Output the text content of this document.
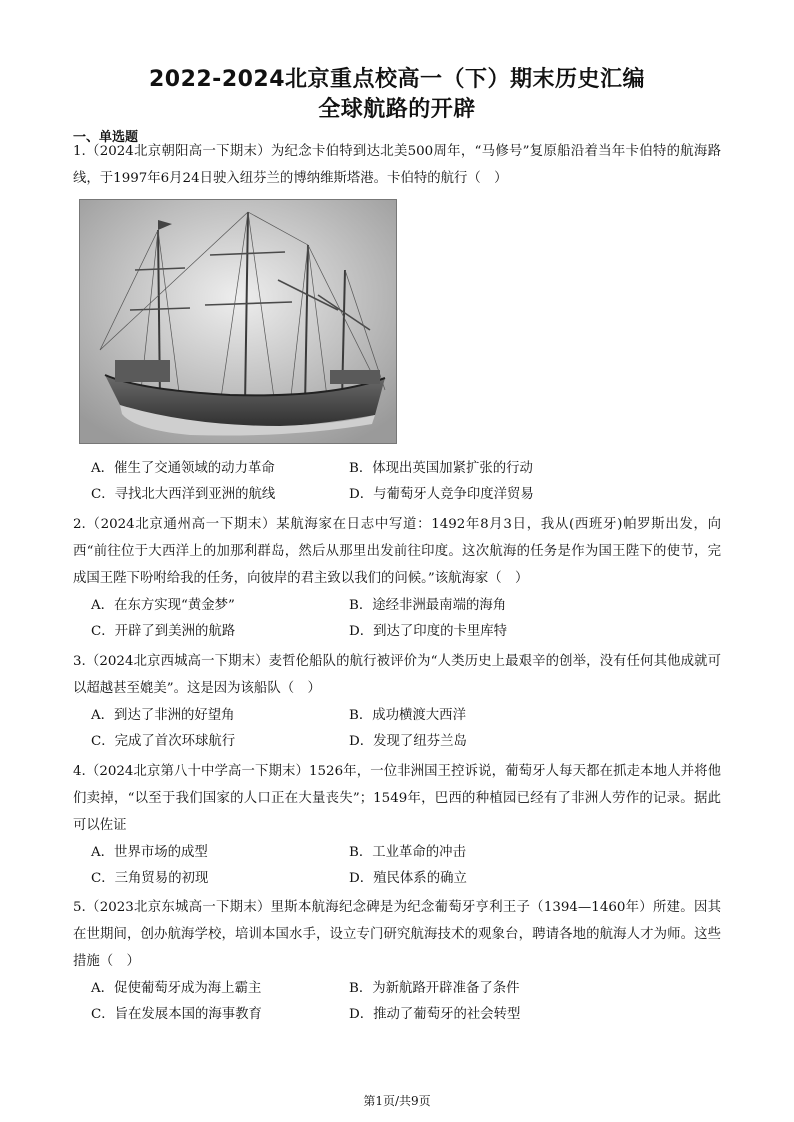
2022-2024北京重点校高一（下）期末历史汇编
全球航路的开辟
一、单选题
1.（2024北京朝阳高一下期末）为纪念卡伯特到达北美500周年，“马修号”复原船沿着当年卡伯特的航海路线，于1997年6月24日驶入纽芬兰的博纳维斯塔港。卡伯特的航行（　）
A．催生了交通领域的动力革命	B．体现出英国加紧扩张的行动
C．寻找北大西洋到亚洲的航线	D．与葡萄牙人竞争印度洋贸易
2.（2024北京通州高一下期末）某航海家在日志中写道：1492年8月3日，我从(西班牙)帕罗斯出发，向西“前往位于大西洋上的加那利群岛，然后从那里出发前往印度。这次航海的任务是作为国王陛下的使节，完成国王陛下吩咐给我的任务，向彼岸的君主致以我们的问候。”该航海家（　）
A．在东方实现“黄金梦”	B．途经非洲最南端的海角
C．开辟了到美洲的航路	D．到达了印度的卡里库特
3.（2024北京西城高一下期末）麦哲伦船队的航行被评价为“人类历史上最艰辛的创举，没有任何其他成就可以超越甚至媲美”。这是因为该船队（　）
A．到达了非洲的好望角	B．成功横渡大西洋
C．完成了首次环球航行	D．发现了纽芬兰岛
4.（2024北京第八十中学高一下期末）1526年，一位非洲国王控诉说，葡萄牙人每天都在抓走本地人并将他们卖掉，“以至于我们国家的人口正在大量丧失”；1549年，巴西的种植园已经有了非洲人劳作的记录。据此可以佐证
A．世界市场的成型	B．工业革命的冲击
C．三角贸易的初现	D．殖民体系的确立
5.（2023北京东城高一下期末）里斯本航海纪念碑是为纪念葡萄牙亨利王子（1394—1460年）所建。因其在世期间，创办航海学校，培训本国水手，设立专门研究航海技术的观象台，聘请各地的航海人才为师。这些措施（　）
A．促使葡萄牙成为海上霸主	B．为新航路开辟准备了条件
C．旨在发展本国的海事教育	D．推动了葡萄牙的社会转型
第1页/共9页
